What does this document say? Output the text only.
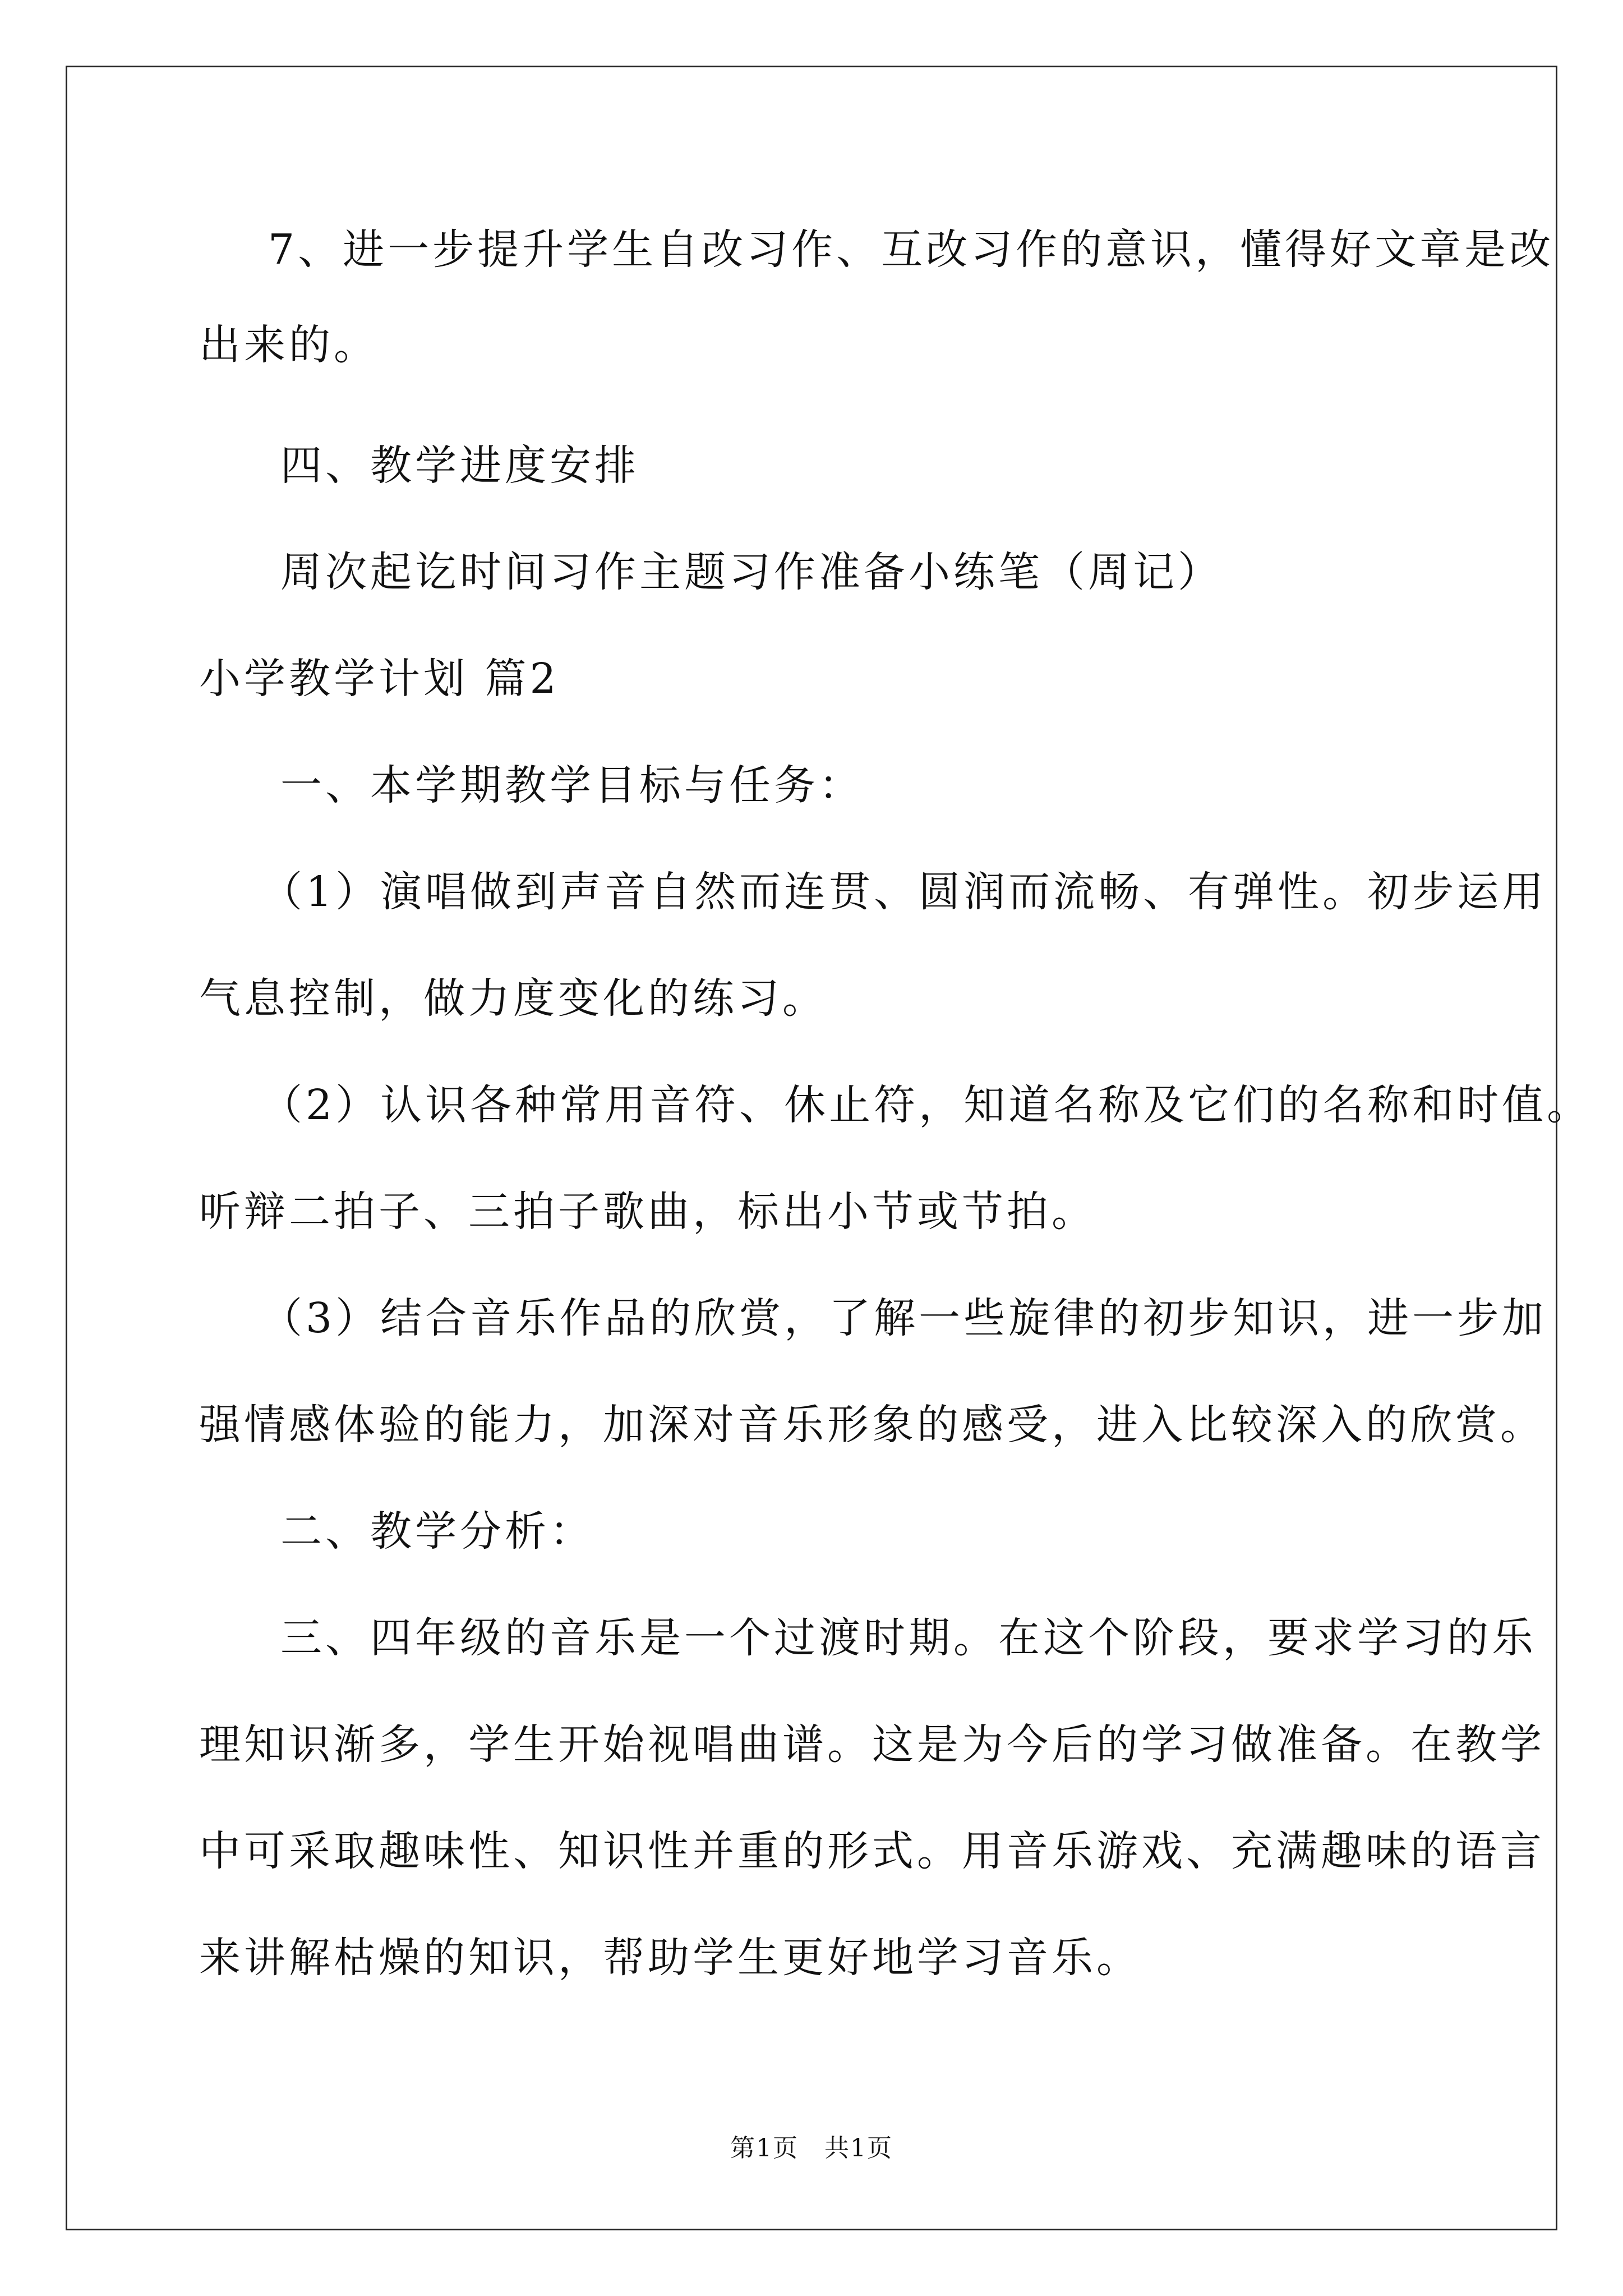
7、进一步提升学生自改习作、互改习作的意识，懂得好文章是改

出来的。

四、教学进度安排

周次起讫时间习作主题习作准备小练笔（周记）

小学教学计划 篇2

一、本学期教学目标与任务：

（1）演唱做到声音自然而连贯、圆润而流畅、有弹性。初步运用

气息控制，做力度变化的练习。

（2）认识各种常用音符、休止符，知道名称及它们的名称和时值。

听辩二拍子、三拍子歌曲，标出小节或节拍。

（3）结合音乐作品的欣赏，了解一些旋律的初步知识，进一步加

强情感体验的能力，加深对音乐形象的感受，进入比较深入的欣赏。

二、教学分析：

三、四年级的音乐是一个过渡时期。在这个阶段，要求学习的乐

理知识渐多，学生开始视唱曲谱。这是为今后的学习做准备。在教学

中可采取趣味性、知识性并重的形式。用音乐游戏、充满趣味的语言

来讲解枯燥的知识，帮助学生更好地学习音乐。

第1页　共1页
